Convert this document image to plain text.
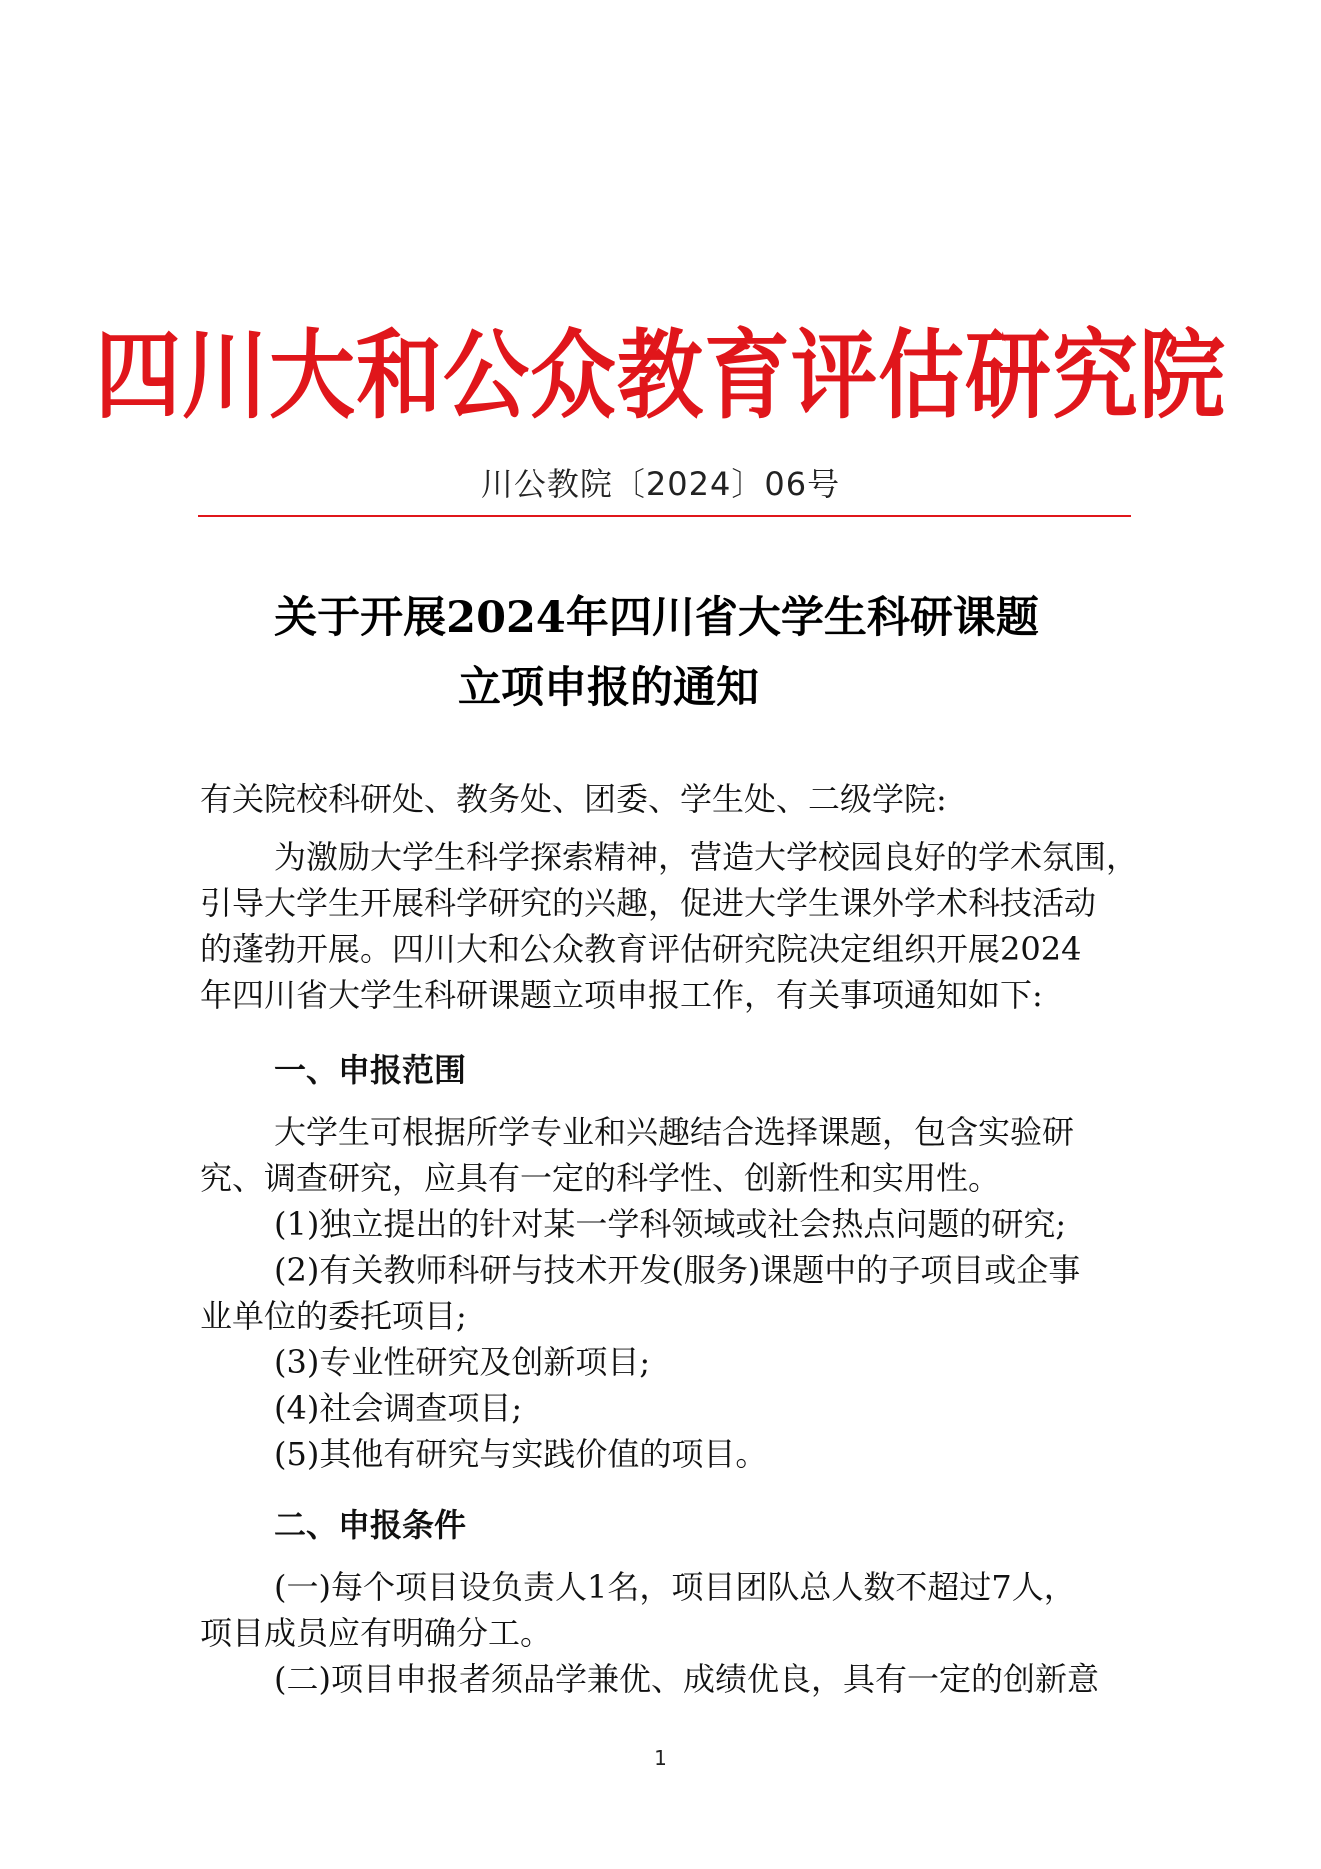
四川大和公众教育评估研究院
川公教院〔2024〕06号
关于开展2024年四川省大学生科研课题
立项申报的通知
有关院校科研处、教务处、团委、学生处、二级学院:
为激励大学生科学探索精神，营造大学校园良好的学术氛围，
引导大学生开展科学研究的兴趣，促进大学生课外学术科技活动
的蓬勃开展。四川大和公众教育评估研究院决定组织开展2024
年四川省大学生科研课题立项申报工作，有关事项通知如下:
一、申报范围
大学生可根据所学专业和兴趣结合选择课题，包含实验研
究、调查研究，应具有一定的科学性、创新性和实用性。
(1)独立提出的针对某一学科领域或社会热点问题的研究;
(2)有关教师科研与技术开发(服务)课题中的子项目或企事
业单位的委托项目;
(3)专业性研究及创新项目;
(4)社会调查项目;
(5)其他有研究与实践价值的项目。
二、申报条件
(一)每个项目设负责人1名，项目团队总人数不超过7人，
项目成员应有明确分工。
(二)项目申报者须品学兼优、成绩优良，具有一定的创新意
1
